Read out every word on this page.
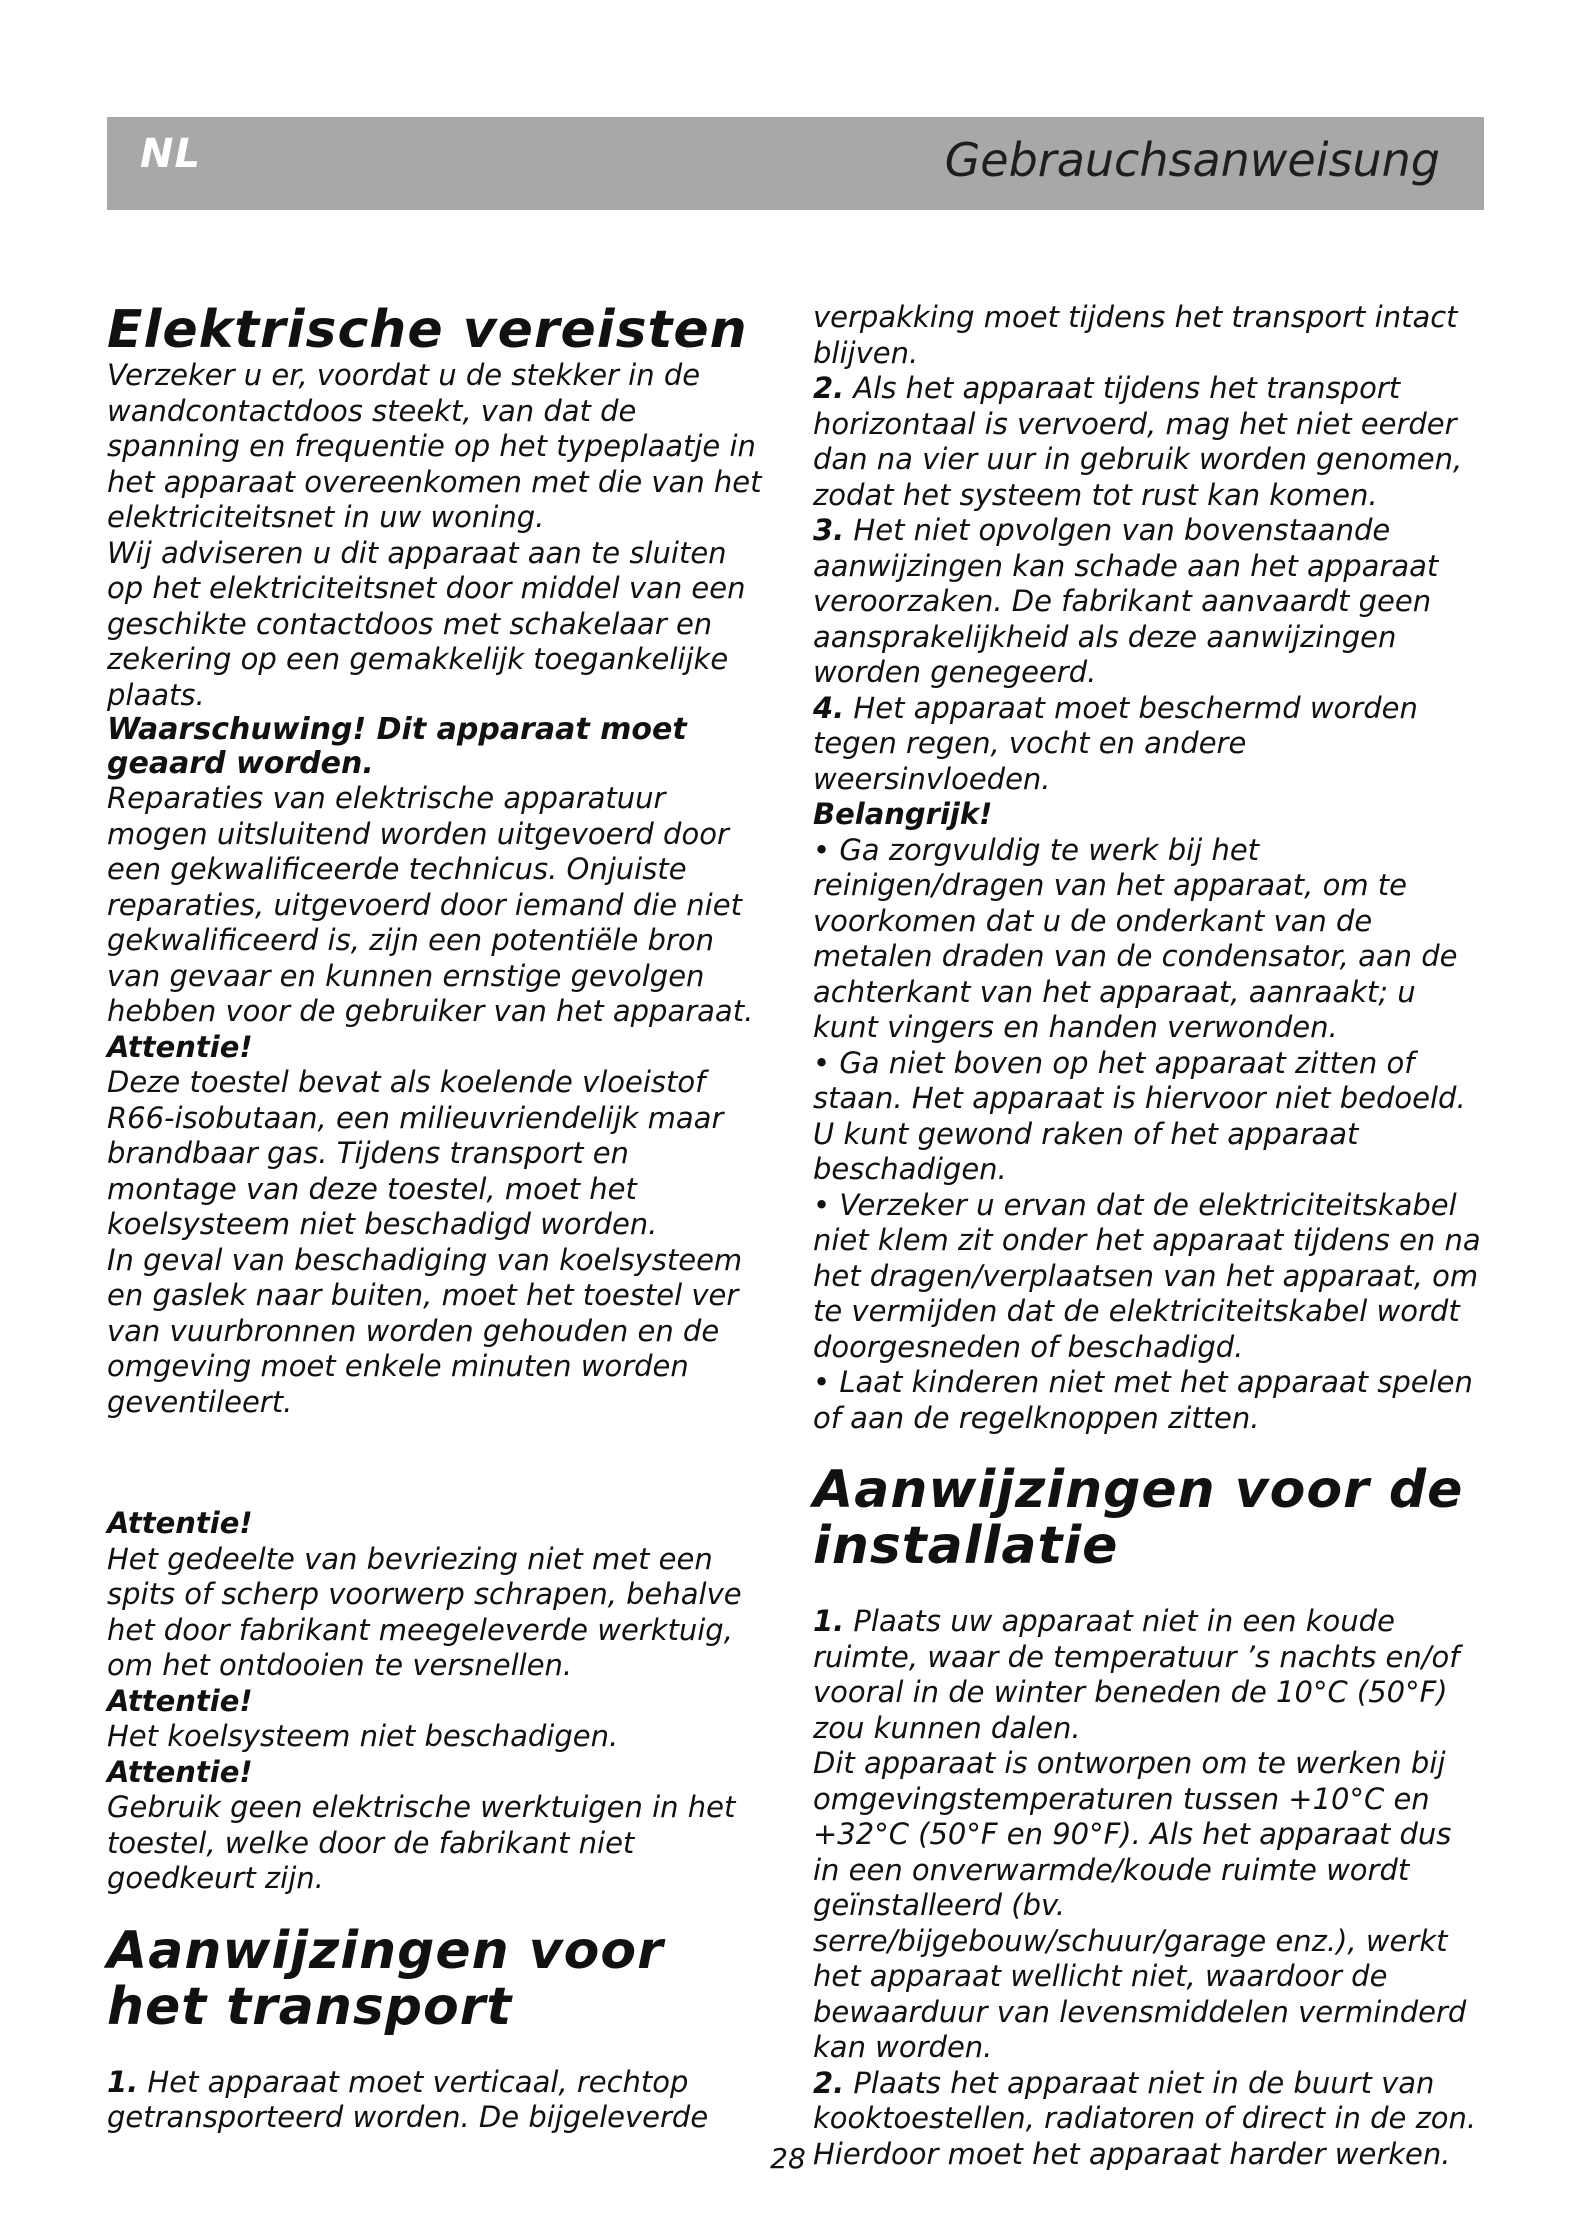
NL	Gebrauchsanweisung
Elektrische vereisten

Verzeker u er, voordat u de stekker in de wandcontactdoos steekt, van dat de spanning en frequentie op het typeplaatje in het apparaat overeenkomen met die van het elektriciteitsnet in uw woning.

Wij adviseren u dit apparaat aan te sluiten op het elektriciteitsnet door middel van een geschikte contactdoos met schakelaar en zekering op een gemakkelijk toegankelijke plaats.

Waarschuwing! Dit apparaat moet geaard worden.

Reparaties van elektrische apparatuur mogen uitsluitend worden uitgevoerd door een gekwalificeerde technicus. Onjuiste reparaties, uitgevoerd door iemand die niet gekwalificeerd is, zijn een potentiële bron van gevaar en kunnen ernstige gevolgen hebben voor de gebruiker van het apparaat.

Attentie!

Deze toestel bevat als koelende vloeistof R66-isobutaan, een milieuvriendelijk maar brandbaar gas. Tijdens transport en montage van deze toestel, moet het koelsysteem niet beschadigd worden.

In geval van beschadiging van koelsysteem en gaslek naar buiten, moet het toestel ver van vuurbronnen worden gehouden en de omgeving moet enkele minuten worden geventileert.

Attentie!

Het gedeelte van bevriezing niet met een spits of scherp voorwerp schrapen, behalve het door fabrikant meegeleverde werktuig, om het ontdooien te versnellen.

Attentie!

Het koelsysteem niet beschadigen.

Attentie!

Gebruik geen elektrische werktuigen in het toestel, welke door de fabrikant niet goedkeurt zijn.

Aanwijzingen voor het transport

1. Het apparaat moet verticaal, rechtop getransporteerd worden. De bijgeleverde

verpakking moet tijdens het transport intact blijven.

2. Als het apparaat tijdens het transport horizontaal is vervoerd, mag het niet eerder dan na vier uur in gebruik worden genomen, zodat het systeem tot rust kan komen.

3. Het niet opvolgen van bovenstaande aanwijzingen kan schade aan het apparaat veroorzaken. De fabrikant aanvaardt geen aansprakelijkheid als deze aanwijzingen worden genegeerd.

4. Het apparaat moet beschermd worden tegen regen, vocht en andere weersinvloeden.

Belangrijk!

• Ga zorgvuldig te werk bij het reinigen/dragen van het apparaat, om te voorkomen dat u de onderkant van de metalen draden van de condensator, aan de achterkant van het apparaat, aanraakt; u kunt vingers en handen verwonden.

• Ga niet boven op het apparaat zitten of staan. Het apparaat is hiervoor niet bedoeld. U kunt gewond raken of het apparaat beschadigen.

• Verzeker u ervan dat de elektriciteitskabel niet klem zit onder het apparaat tijdens en na het dragen/verplaatsen van het apparaat, om te vermijden dat de elektriciteitskabel wordt doorgesneden of beschadigd.

• Laat kinderen niet met het apparaat spelen of aan de regelknoppen zitten.

Aanwijzingen voor de installatie

1. Plaats uw apparaat niet in een koude ruimte, waar de temperatuur ’s nachts en/of vooral in de winter beneden de 10°C (50°F) zou kunnen dalen.

Dit apparaat is ontworpen om te werken bij omgevingstemperaturen tussen +10°C en +32°C (50°F en 90°F). Als het apparaat dus in een onverwarmde/koude ruimte wordt geïnstalleerd (bv. serre/bijgebouw/schuur/garage enz.), werkt het apparaat wellicht niet, waardoor de bewaarduur van levensmiddelen verminderd kan worden.

2. Plaats het apparaat niet in de buurt van kooktoestellen, radiatoren of direct in de zon. Hierdoor moet het apparaat harder werken.

28
